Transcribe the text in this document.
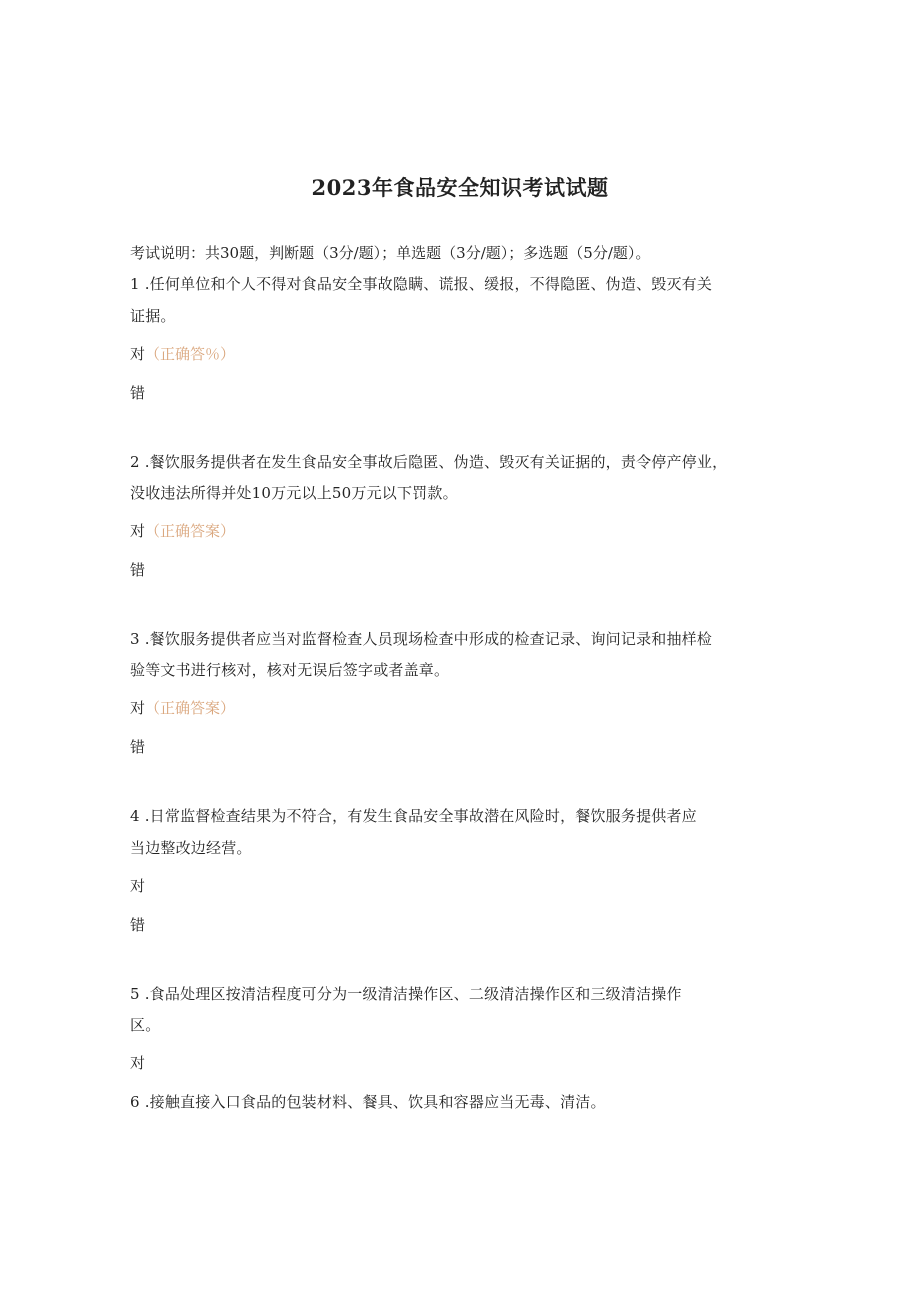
2023年食品安全知识考试试题
考试说明：共30题，判断题（3分/题）；单选题（3分/题）；多选题（5分/题）。
1 .任何单位和个人不得对食品安全事故隐瞒、谎报、缓报，不得隐匿、伪造、毁灭有关
证据。
对（正确答％）
错
2 .餐饮服务提供者在发生食品安全事故后隐匿、伪造、毁灭有关证据的，责令停产停业，
没收违法所得并处10万元以上50万元以下罚款。
对（正确答案）
错
3 .餐饮服务提供者应当对监督检查人员现场检查中形成的检查记录、询问记录和抽样检
验等文书进行核对，核对无误后签字或者盖章。
对（正确答案）
错
4 .日常监督检查结果为不符合，有发生食品安全事故潜在风险时，餐饮服务提供者应
当边整改边经营。
对
错
5 .食品处理区按清洁程度可分为一级清洁操作区、二级清洁操作区和三级清洁操作
区。
对
6 .接触直接入口食品的包装材料、餐具、饮具和容器应当无毒、清洁。
